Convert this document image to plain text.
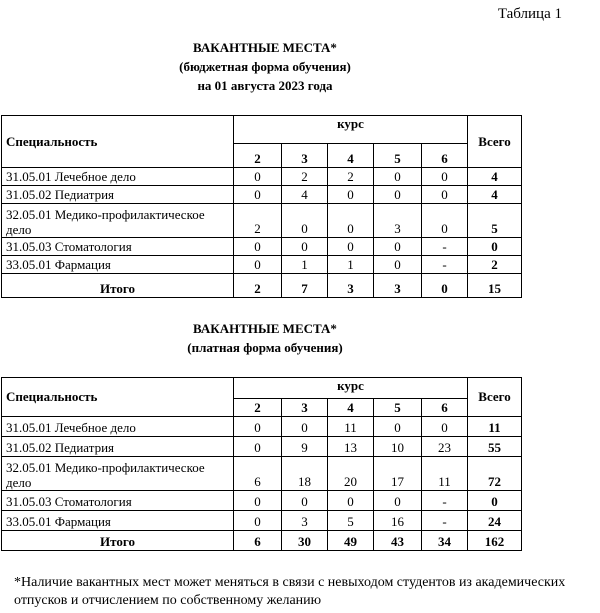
Таблица 1
ВАКАНТНЫЕ МЕСТА*
(бюджетная форма обучения)
на 01 августа 2023 года
Специальность	курс					Всего
	2	3	4	5	6	
31.05.01 Лечебное дело	0	2	2	0	0	4
31.05.02 Педиатрия	0	4	0	0	0	4
32.05.01 Медико-профилактическое дело	2	0	0	3	0	5
31.05.03 Стоматология	0	0	0	0	-	0
33.05.01 Фармация	0	1	1	0	-	2
Итого	2	7	3	3	0	15
ВАКАНТНЫЕ МЕСТА*
(платная форма обучения)
Специальность	курс					Всего
	2	3	4	5	6	
31.05.01 Лечебное дело	0	0	11	0	0	11
31.05.02 Педиатрия	0	9	13	10	23	55
32.05.01 Медико-профилактическое дело	6	18	20	17	11	72
31.05.03 Стоматология	0	0	0	0	-	0
33.05.01 Фармация	0	3	5	16	-	24
Итого	6	30	49	43	34	162
*Наличие вакантных мест может меняться в связи с невыходом студентов из академических отпусков и отчислением по собственному желанию
